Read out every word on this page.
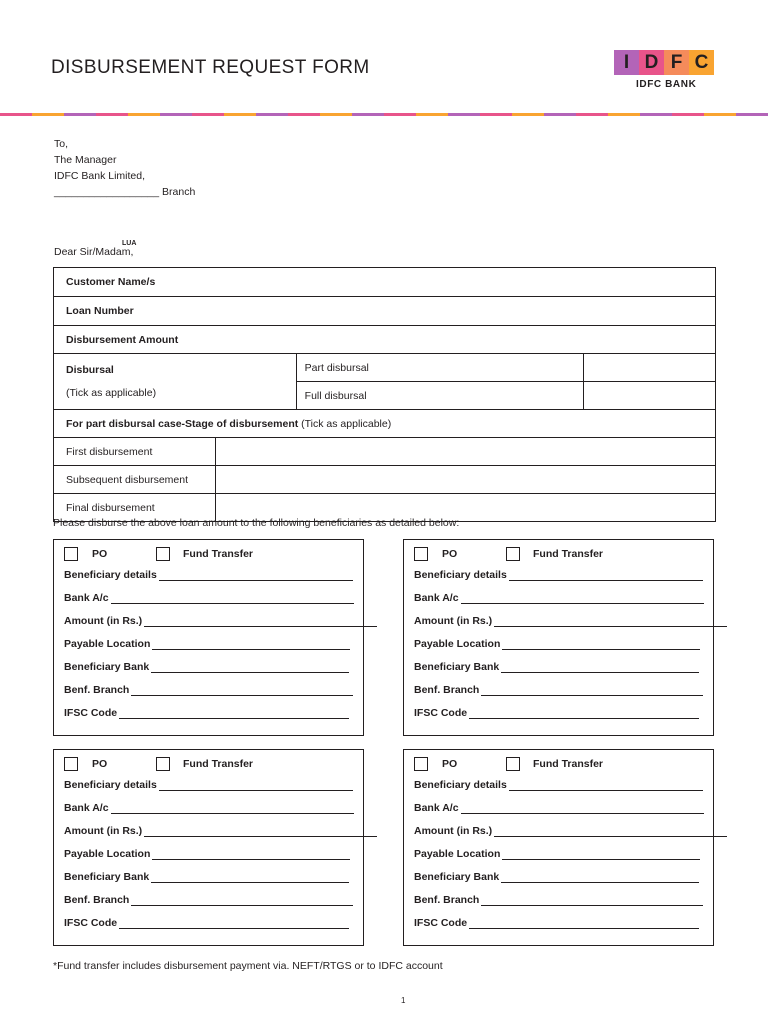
DISBURSEMENT REQUEST FORM	I D F C
IDFC BANK
To,
The Manager
IDFC Bank Limited,
__________________ Branch
Dear Sir/Madam,
LUA
Customer Name/s			
Loan Number			
Disbursement Amount			

Disbursal
(Tick as applicable)		Part disbursal	
		Full disbursal	
For part disbursal case-Stage of disbursement (Tick as applicable)			
First disbursement			
Subsequent disbursement			
Final disbursement			
Please disburse the above loan amount to the following beneficiaries as detailed below:
PO	Fund Transfer
Beneficiary details
Bank A/c
Amount (in Rs.)
Payable Location
Beneficiary Bank
Benf. Branch
IFSC Code
PO	Fund Transfer
Beneficiary details
Bank A/c
Amount (in Rs.)
Payable Location
Beneficiary Bank
Benf. Branch
IFSC Code
PO	Fund Transfer
Beneficiary details
Bank A/c
Amount (in Rs.)
Payable Location
Beneficiary Bank
Benf. Branch
IFSC Code
PO	Fund Transfer
Beneficiary details
Bank A/c
Amount (in Rs.)
Payable Location
Beneficiary Bank
Benf. Branch
IFSC Code
*Fund transfer includes disbursement payment via. NEFT/RTGS or to IDFC account
1
